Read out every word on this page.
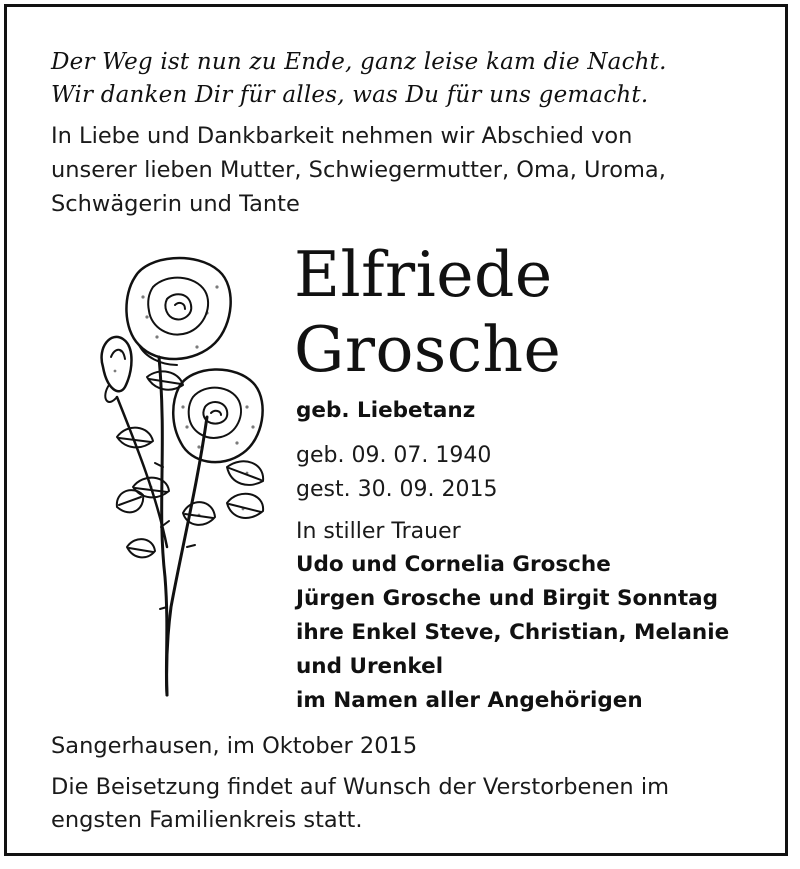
Der Weg ist nun zu Ende, ganz leise kam die Nacht.
Wir danken Dir für alles, was Du für uns gemacht.
In Liebe und Dankbarkeit nehmen wir Abschied von
unserer lieben Mutter, Schwiegermutter, Oma, Uroma,
Schwägerin und Tante
Elfriede
Grosche
geb. Liebetanz
geb. 09. 07. 1940
gest. 30. 09. 2015
In stiller Trauer
Udo und Cornelia Grosche
Jürgen Grosche und Birgit Sonntag
ihre Enkel Steve, Christian, Melanie
und Urenkel
im Namen aller Angehörigen
Sangerhausen, im Oktober 2015
Die Beisetzung findet auf Wunsch der Verstorbenen im
engsten Familienkreis statt.
